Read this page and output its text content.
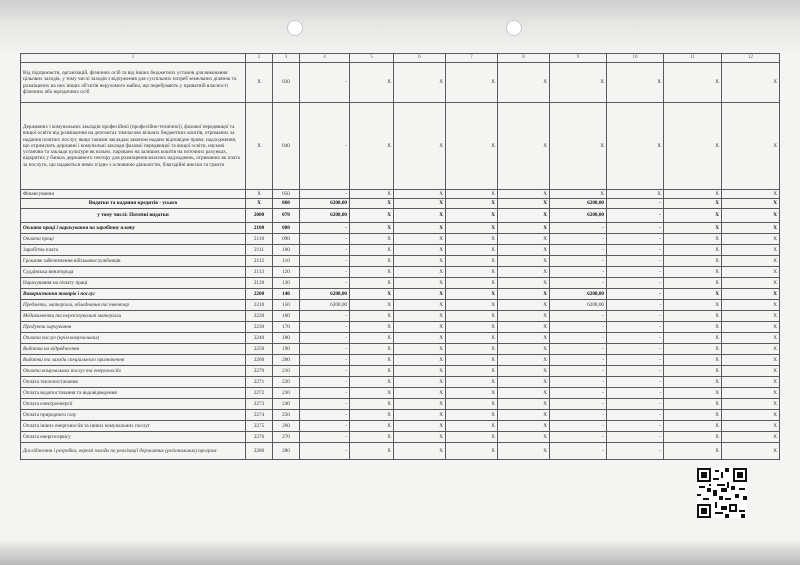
1	2	3	4	5	6	7	8	9	10	11	12
Від підприємств, організацій, фізичних осіб та від інших бюджетних установ для виконання цільових заходів, у тому числі заходів з відчуження для суспільних потреб земельних ділянок та розміщених на них інших об'єктів нерухомого майна, що перебувають у приватній власності фізичних або юридичних осіб	X	030	-	X	X	X	X	X	X	X	X
Державних і комунальних закладів професійної (професійно-технічної), фахової передвищої та вищої освіти від розміщення на депозитах тимчасово вільних бюджетних коштів, отриманих за надання платних послуг, якщо такими закладам законом надано відповідне право; надходження, що отримують державні і комунальні заклади фахової передвищої та вищої освіти, наукові установи та заклади культури як вільно, паровано на залишок коштів на поточних рахунках, відкритих у банках державного сектору для розміщення власних надходжень, отриманих як плата за послуги, що надаються ними згідно з основною діяльністю, благодійні внески та гранти	X	040	-	X	X	X	X	X	X	X	X
Фінансування	X	050	-	X	X	X	X	X	X	X	X
Видатки та надання кредитів - усього	X	060	6200,00	X	X	X	X	6200,00	-	X	X
у тому числі: Поточні видатки	2000	070	6200,00	X	X	X	X	6200,00	-	X	X
Оплата праці і нарахування на заробітну плату	2100	080	-	X	X	X	X	-	-	X	X
Оплата праці	2110	090	-	X	X	X	X	-	-	X	X
Заробітна плата	2111	100	-	X	X	X	X	-	-	X	X
Грошове забезпечення військовослужбовців	2112	110	-	X	X	X	X	-	-	X	X
Суддівська винагорода	2113	120	-	X	X	X	X	-	-	X	X
Нарахування на оплату праці	2120	130	-	X	X	X	X	-	-	X	X
Використання товарів і послуг	2200	140	6200,00	X	X	X	X	6200,00	-	X	X
Предмети, матеріали, обладнання та інвентар	2210	150	6200,00	X	X	X	X	6200,00	-	X	X
Медикаменти та перев'язувальні матеріали	2220	160	-	X	X	X	X	-	-	X	X
Продукти харчування	2230	170	-	X	X	X	X	-	-	X	X
Оплата послуг (крім комунальних)	2240	180	-	X	X	X	X	-	-	X	X
Видатки на відрядження	2250	190	-	X	X	X	X	-	-	X	X
Видатки та заходи спеціального призначення	2260	200	-	X	X	X	X	-	-	X	X
Оплата комунальних послуг та енергоносіїв	2270	210	-	X	X	X	X	-	-	X	X
Оплата теплопостачання	2271	220	-	X	X	X	X	-	-	X	X
Оплата водопостачання та водовідведення	2272	230	-	X	X	X	X	-	-	X	X
Оплата електроенергії	2273	240	-	X	X	X	X	-	-	X	X
Оплата природного газу	2274	250	-	X	X	X	X	-	-	X	X
Оплата інших енергоносіїв та інших комунальних послуг	2275	260	-	X	X	X	X	-	-	X	X
Оплата енергосервісу	2276	270	-	X	X	X	X	-	-	X	X
Дослідження і розробки, окремі заходи по реалізації державних (регіональних) програм	2280	280	-	X	X	X	X	-	-	X	X
